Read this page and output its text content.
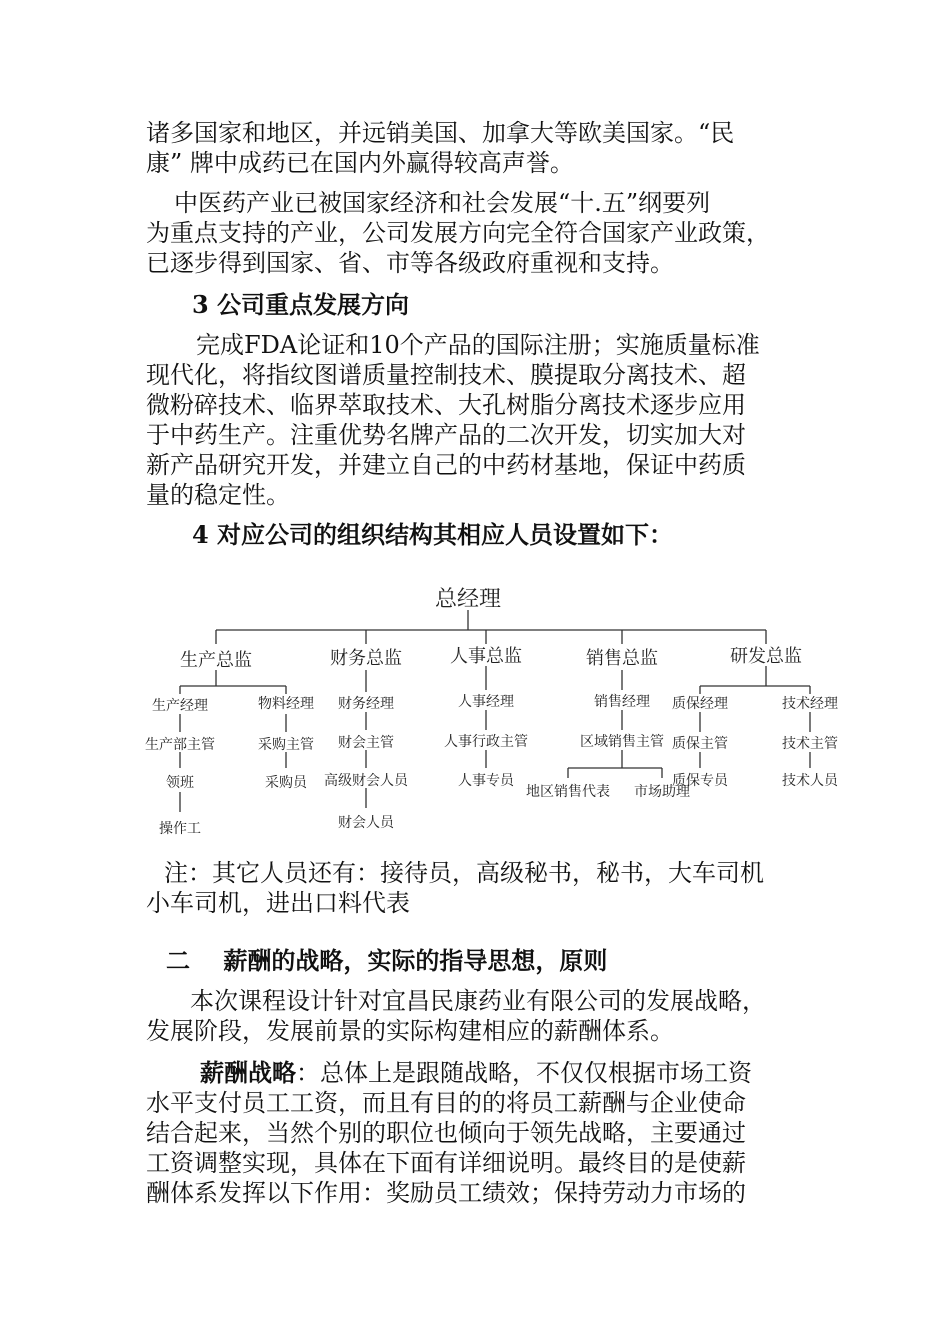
诸多国家和地区，并远销美国、加拿大等欧美国家。“民

康” 牌中成药已在国内外赢得较高声誉。

中医药产业已被国家经济和社会发展“十.五”纲要列

为重点支持的产业，公司发展方向完全符合国家产业政策，

已逐步得到国家、省、市等各级政府重视和支持。

3 公司重点发展方向

完成FDA论证和10个产品的国际注册；实施质量标准

现代化，将指纹图谱质量控制技术、膜提取分离技术、超

微粉碎技术、临界萃取技术、大孔树脂分离技术逐步应用

于中药生产。注重优势名牌产品的二次开发，切实加大对

新产品研究开发，并建立自己的中药材基地，保证中药质

量的稳定性。

4 对应公司的组织结构其相应人员设置如下：

总经理
生产总监	财务总监	人事总监	销售总监	研发总监
生产经理
生产部主管
领班
操作工
物料经理
采购主管
采购员
财务经理
财会主管
高级财会人员
财会人员
人事经理
人事行政主管
人事专员
销售经理
区域销售主管
地区销售代表 市场助理
质保经理
质保主管
质保专员
技术经理
技术主管
技术人员

注：其它人员还有：接待员，高级秘书，秘书，大车司机

小车司机，进出口料代表

二    薪酬的战略，实际的指导思想，原则

本次课程设计针对宜昌民康药业有限公司的发展战略，

发展阶段，发展前景的实际构建相应的薪酬体系。

薪酬战略：总体上是跟随战略，不仅仅根据市场工资

水平支付员工工资，而且有目的的将员工薪酬与企业使命

结合起来，当然个别的职位也倾向于领先战略，主要通过

工资调整实现，具体在下面有详细说明。最终目的是使薪

酬体系发挥以下作用：奖励员工绩效；保持劳动力市场的
